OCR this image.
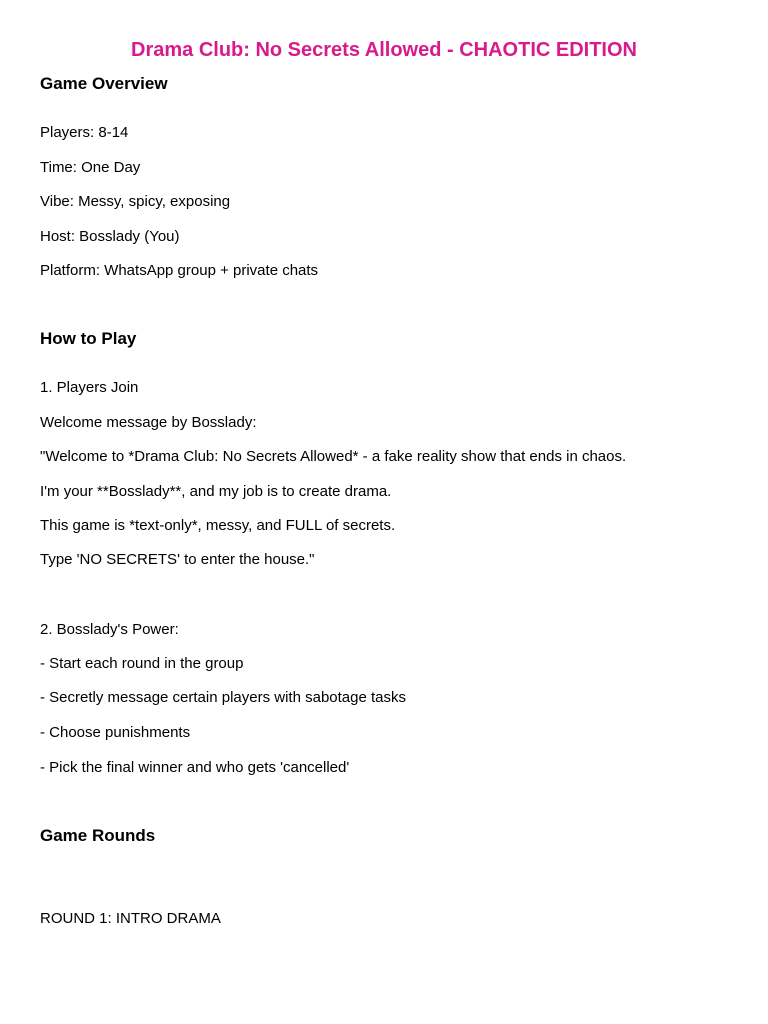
Drama Club: No Secrets Allowed - CHAOTIC EDITION
Game Overview

Players: 8-14

Time: One Day

Vibe: Messy, spicy, exposing

Host: Bosslady (You)

Platform: WhatsApp group + private chats

How to Play

1. Players Join

Welcome message by Bosslady:

"Welcome to *Drama Club: No Secrets Allowed* - a fake reality show that ends in chaos.

I'm your **Bosslady**, and my job is to create drama.

This game is *text-only*, messy, and FULL of secrets.

Type 'NO SECRETS' to enter the house."

2. Bosslady's Power:

- Start each round in the group

- Secretly message certain players with sabotage tasks

- Choose punishments

- Pick the final winner and who gets 'cancelled'

Game Rounds

ROUND 1: INTRO DRAMA
